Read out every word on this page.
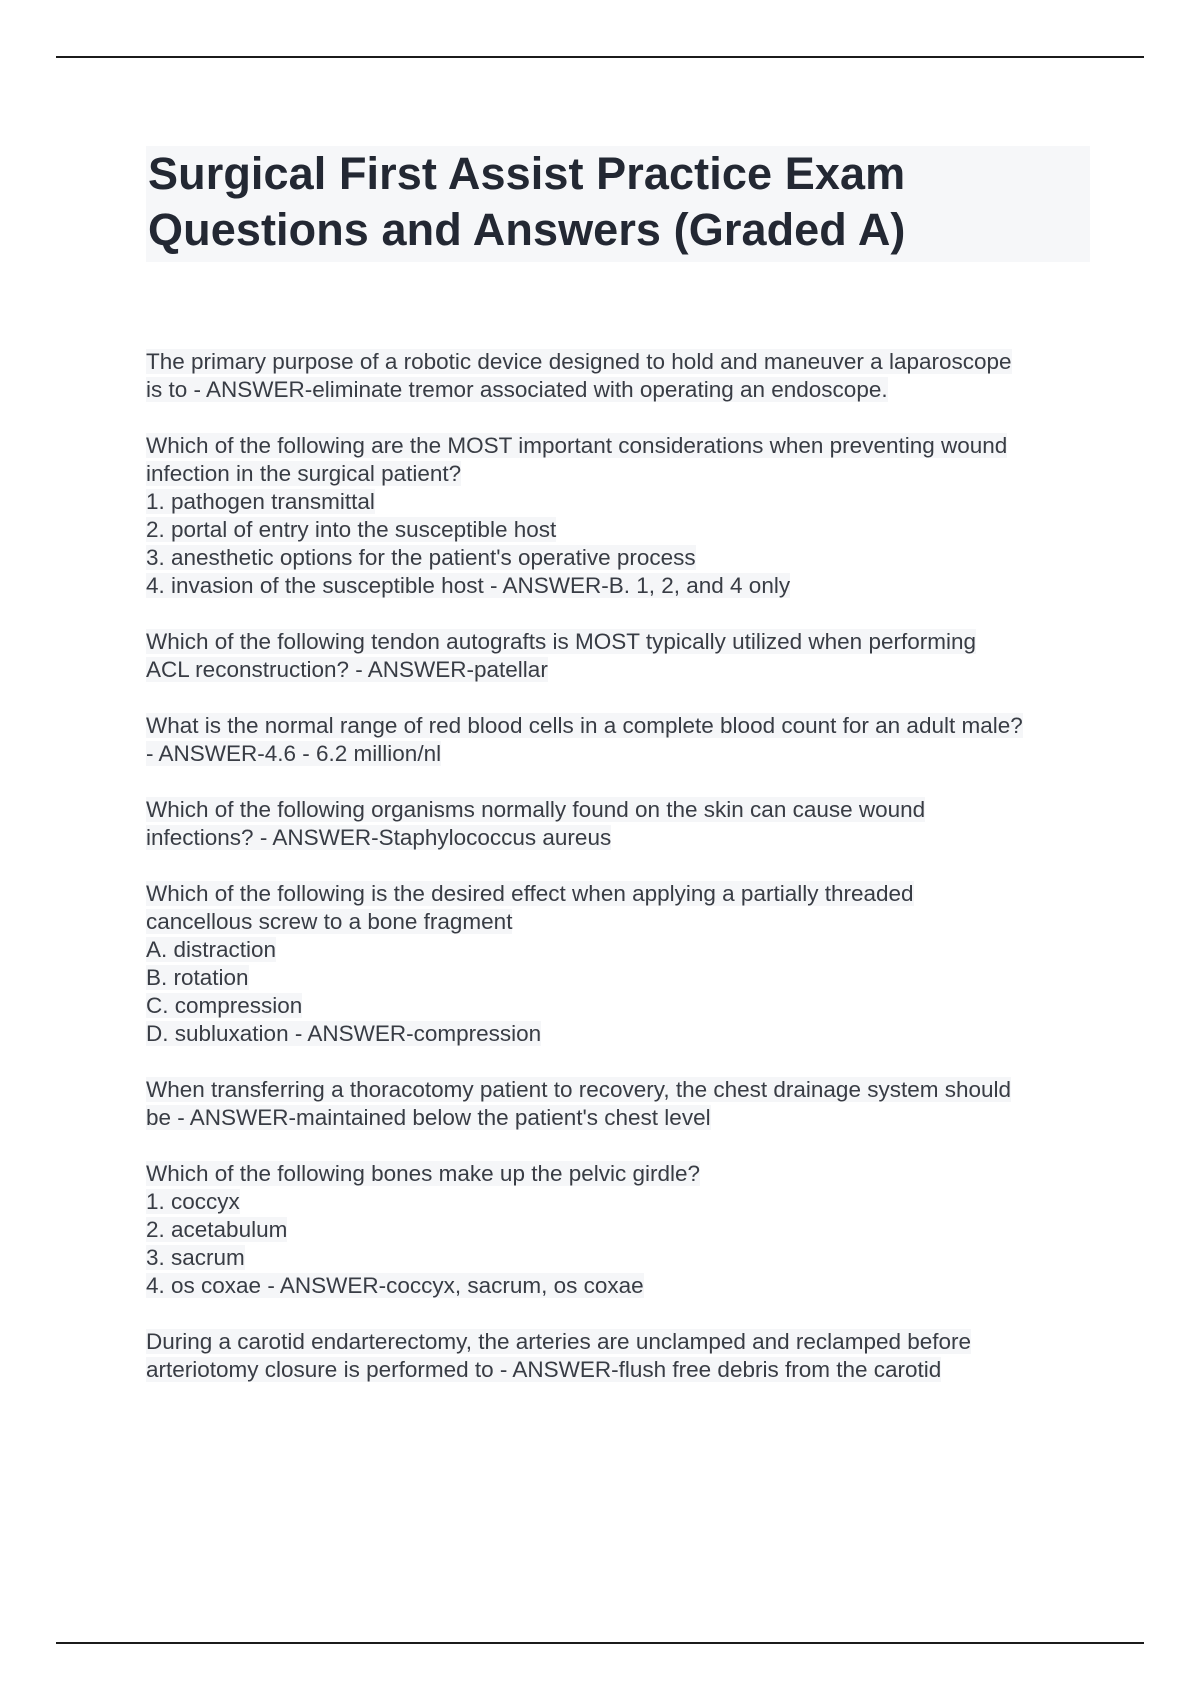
Surgical First Assist Practice Exam
Questions and Answers (Graded A)
The primary purpose of a robotic device designed to hold and maneuver a laparoscope
is to - ANSWER-eliminate tremor associated with operating an endoscope.
Which of the following are the MOST important considerations when preventing wound
infection in the surgical patient?
1. pathogen transmittal
2. portal of entry into the susceptible host
3. anesthetic options for the patient's operative process
4. invasion of the susceptible host - ANSWER-B. 1, 2, and 4 only
Which of the following tendon autografts is MOST typically utilized when performing
ACL reconstruction? - ANSWER-patellar
What is the normal range of red blood cells in a complete blood count for an adult male?
- ANSWER-4.6 - 6.2 million/nl
Which of the following organisms normally found on the skin can cause wound
infections? - ANSWER-Staphylococcus aureus
Which of the following is the desired effect when applying a partially threaded
cancellous screw to a bone fragment
A. distraction
B. rotation
C. compression
D. subluxation - ANSWER-compression
When transferring a thoracotomy patient to recovery, the chest drainage system should
be - ANSWER-maintained below the patient's chest level
Which of the following bones make up the pelvic girdle?
1. coccyx
2. acetabulum
3. sacrum
4. os coxae - ANSWER-coccyx, sacrum, os coxae
During a carotid endarterectomy, the arteries are unclamped and reclamped before
arteriotomy closure is performed to - ANSWER-flush free debris from the carotid
